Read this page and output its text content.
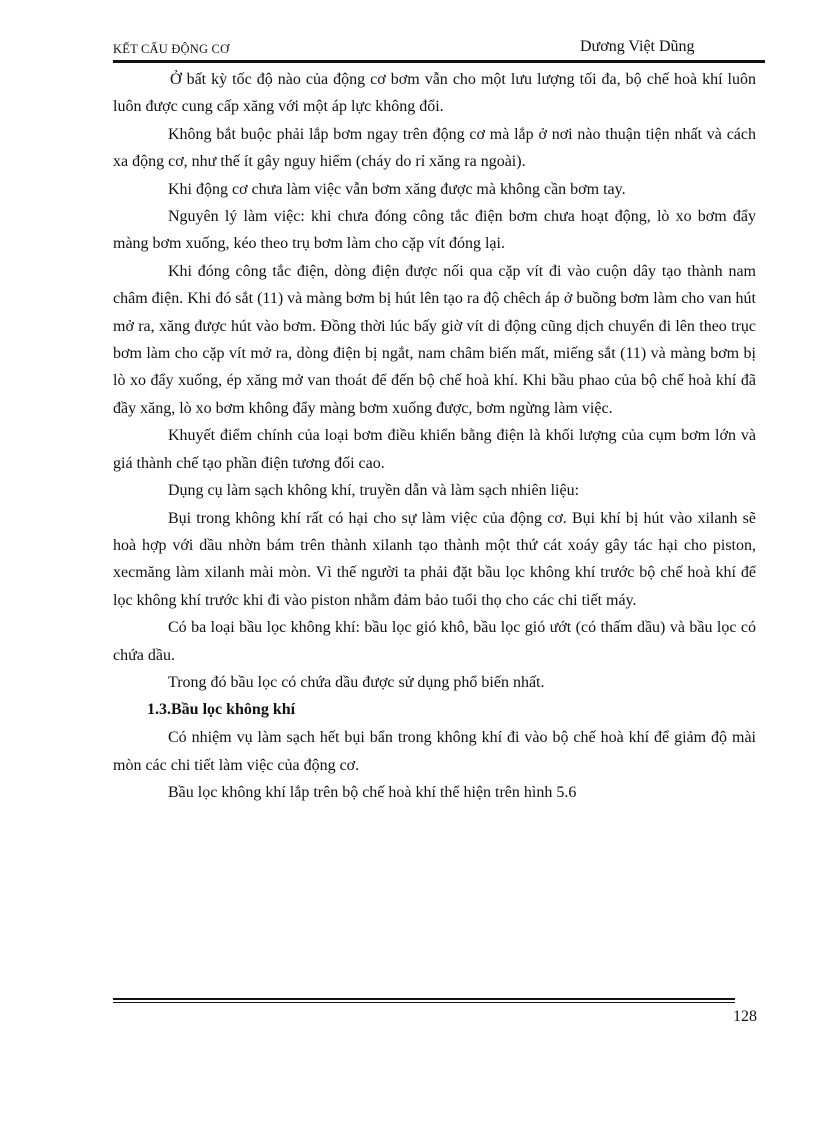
KẾT CẤU ĐỘNG CƠ	Dương Việt Dũng

Ở bất kỳ tốc độ nào của động cơ bơm vẫn cho một lưu lượng tối đa, bộ chế hoà khí luôn luôn được cung cấp xăng với một áp lực không đổi.

Không bắt buộc phải lắp bơm ngay trên động cơ mà lắp ở nơi nào thuận tiện nhất và cách xa động cơ, như thế ít gây nguy hiểm (cháy do rỉ xăng ra ngoài).

Khi động cơ chưa làm việc vẫn bơm xăng được mà không cần bơm tay.

Nguyên lý làm việc: khi chưa đóng công tắc điện bơm chưa hoạt động, lò xo bơm đẩy màng bơm xuống, kéo theo trụ bơm làm cho cặp vít đóng lại.

Khi đóng công tắc điện, dòng điện được nối qua cặp vít đi vào cuộn dây tạo thành nam châm điện. Khi đó sắt (11) và màng bơm bị hút lên tạo ra độ chêch áp ở buồng bơm làm cho van hút mở ra, xăng được hút vào bơm. Đồng thời lúc bấy giờ vít di động cũng dịch chuyển đi lên theo trục bơm làm cho cặp vít mở ra, dòng điện bị ngắt, nam châm biến mất, miếng sắt (11) và màng bơm bị lò xo đẩy xuống, ép xăng mở van thoát để đến bộ chế hoà khí. Khi bầu phao của bộ chế hoà khí đã đầy xăng, lò xo bơm không đẩy màng bơm xuống được, bơm ngừng làm việc.

Khuyết điểm chính của loại bơm điều khiển bằng điện là khối lượng của cụm bơm lớn và giá thành chế tạo phần điện tương đối cao.

Dụng cụ làm sạch không khí, truyền dẫn và làm sạch nhiên liệu:

Bụi trong không khí rất có hại cho sự làm việc của động cơ. Bụi khí bị hút vào xilanh sẽ hoà hợp với dầu nhờn bám trên thành xilanh tạo thành một thứ cát xoáy gây tác hại cho piston, xecmăng làm xilanh mài mòn. Vì thế người ta phải đặt bầu lọc không khí trước bộ chế hoà khí để lọc không khí trước khi đi vào piston nhằm đảm bảo tuổi thọ cho các chi tiết máy.

Có ba loại bầu lọc không khí: bầu lọc gió khô, bầu lọc gió ướt (có thấm dầu) và bầu lọc có chứa dầu.

Trong đó bầu lọc có chứa dầu được sử dụng phổ biến nhất.

1.3.Bầu lọc không khí

Có nhiệm vụ làm sạch hết bụi bẩn trong không khí đi vào bộ chế hoà khí để giảm độ mài mòn các chi tiết làm việc của động cơ.

Bầu lọc không khí lắp trên bộ chế hoà khí thể hiện trên hình 5.6

128
